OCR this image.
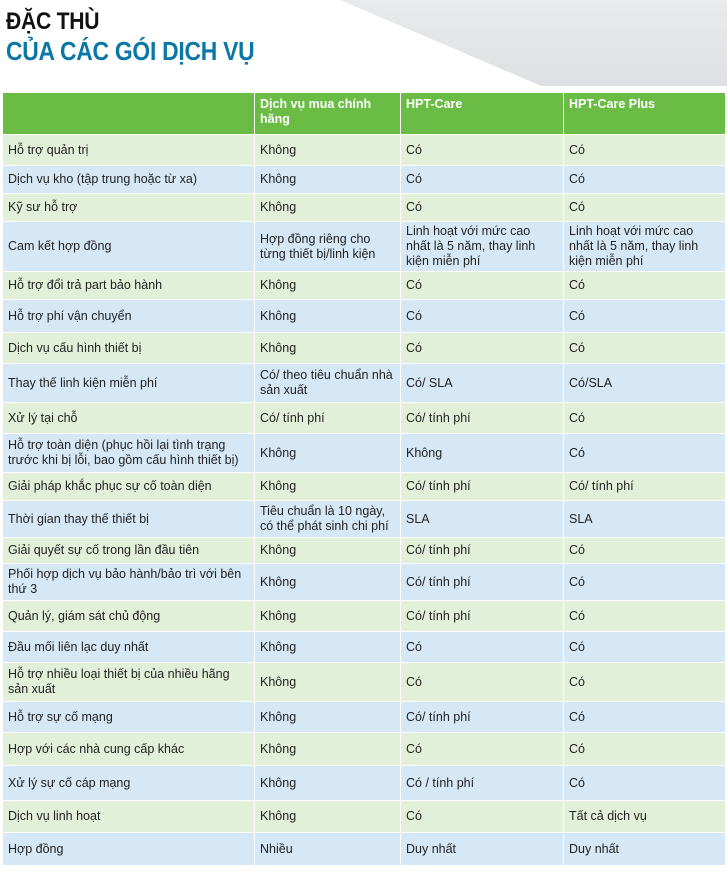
ĐẶC THÙ
CỦA CÁC GÓI DỊCH VỤ
	Dịch vụ mua chính hãng	HPT-Care	HPT-Care Plus
Hỗ trợ quản trị	Không	Có	Có
Dịch vụ kho (tập trung hoặc từ xa)	Không	Có	Có
Kỹ sư hỗ trợ	Không	Có	Có
Cam kết hợp đồng	Hợp đồng riêng cho từng thiết bị/linh kiện	Linh hoạt với mức cao nhất là 5 năm, thay linh kiện miễn phí	Linh hoạt với mức cao nhất là 5 năm, thay linh kiện miễn phí
Hỗ trợ đổi trả part bảo hành	Không	Có	Có
Hỗ trợ phí vận chuyển	Không	Có	Có
Dịch vụ cấu hình thiết bị	Không	Có	Có
Thay thế linh kiện miễn phí	Có/ theo tiêu chuẩn nhà sản xuất	Có/ SLA	Có/SLA
Xử lý tại chỗ	Có/ tính phí	Có/ tính phí	Có
Hỗ trợ toàn diện (phục hồi lại tình trạng trước khi bị lỗi, bao gồm cấu hình thiết bị)	Không	Không	Có
Giải pháp khắc phục sự cố toàn diện	Không	Có/ tính phí	Có/ tính phí
Thời gian thay thế thiết bị	Tiêu chuẩn là 10 ngày, có thể phát sinh chi phí	SLA	SLA
Giải quyết sự cố trong lần đầu tiên	Không	Có/ tính phí	Có
Phối hợp dịch vụ bảo hành/bảo trì với bên thứ 3	Không	Có/ tính phí	Có
Quản lý, giám sát chủ động	Không	Có/ tính phí	Có
Đầu mối liên lạc duy nhất	Không	Có	Có
Hỗ trợ nhiều loại thiết bị của nhiều hãng sản xuất	Không	Có	Có
Hỗ trợ sự cố mạng	Không	Có/ tính phí	Có
Hợp với các nhà cung cấp khác	Không	Có	Có
Xử lý sự cố cáp mạng	Không	Có / tính phí	Có
Dịch vụ linh hoạt	Không	Có	Tất cả dịch vụ
Hợp đồng	Nhiều	Duy nhất	Duy nhất
